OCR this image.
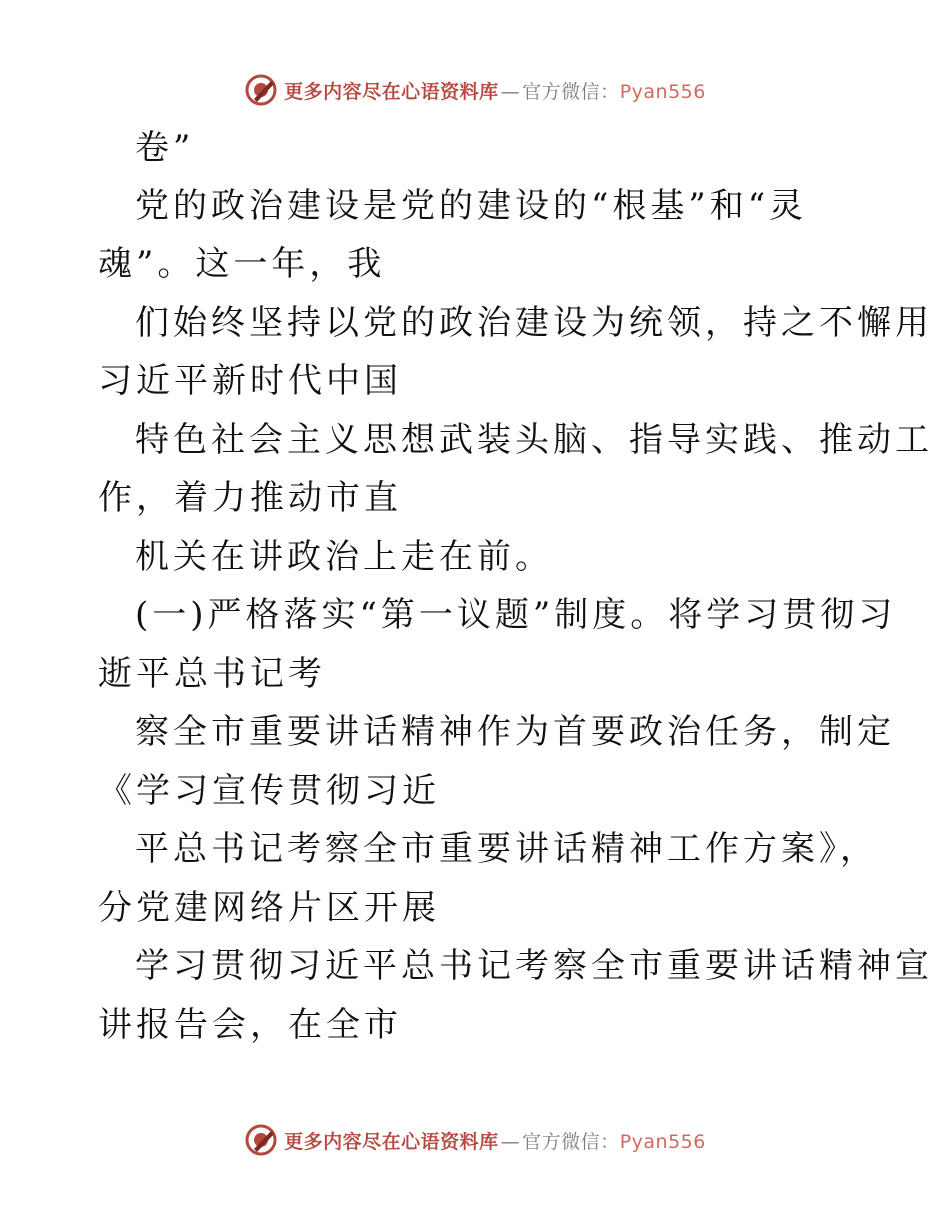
更多内容尽在心语资料库 — 官方微信：Pyan556
卷”
党的政治建设是党的建设的“根基”和“灵
魂”。这一年，我
们始终坚持以党的政治建设为统领，持之不懈用
习近平新时代中国
特色社会主义思想武装头脑、指导实践、推动工
作，着力推动市直
机关在讲政治上走在前。
(一)严格落实“第一议题”制度。将学习贯彻习
逝平总书记考
察全市重要讲话精神作为首要政治任务，制定
《学习宣传贯彻习近
平总书记考察全市重要讲话精神工作方案》，
分党建网络片区开展
学习贯彻习近平总书记考察全市重要讲话精神宣
讲报告会，在全市
更多内容尽在心语资料库 — 官方微信：Pyan556
